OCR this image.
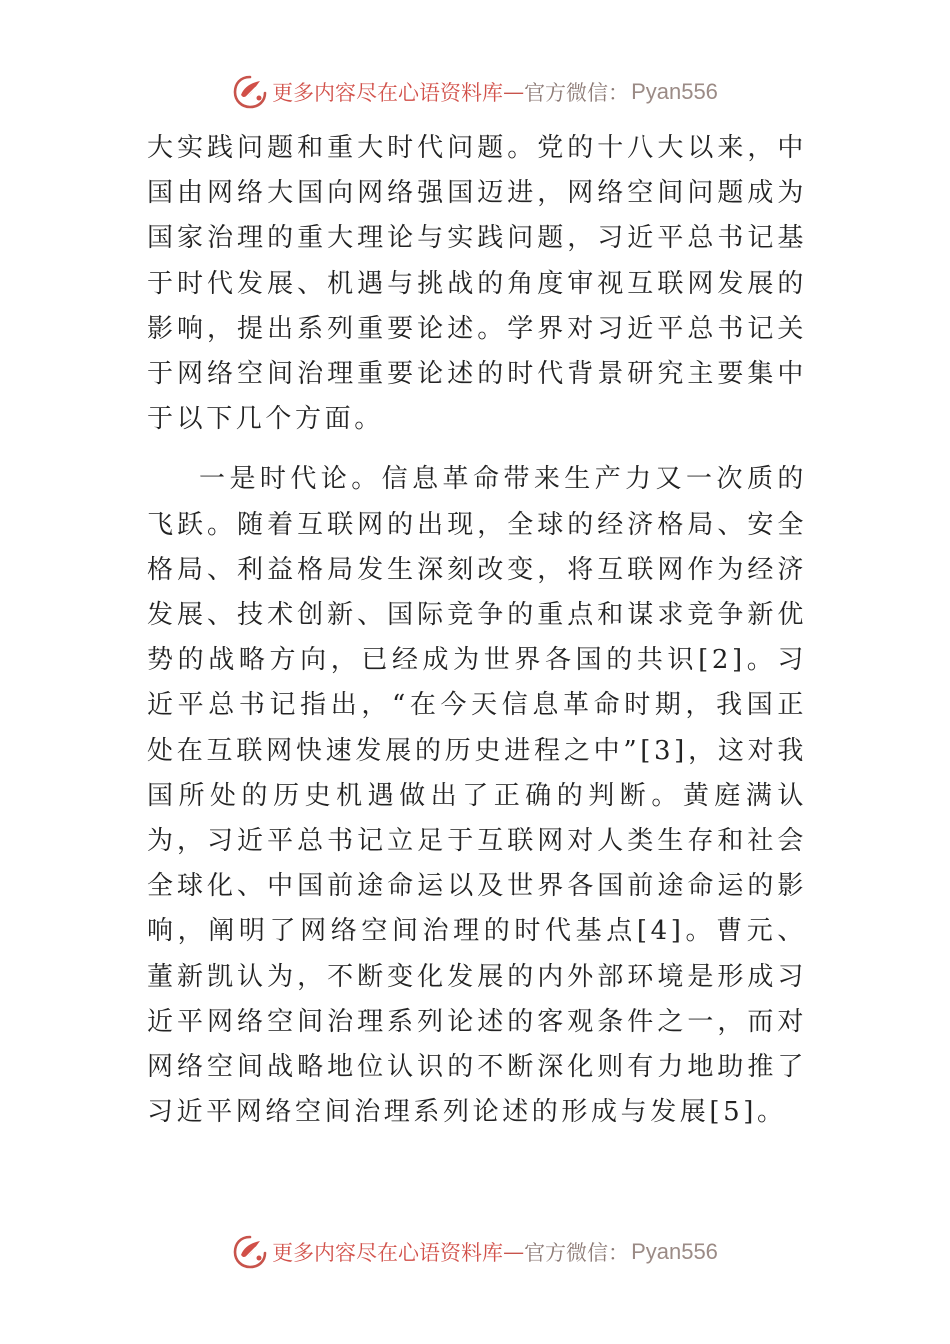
更多内容尽在心语资料库 — 官方微信： Pyan556

大实践问题和重大时代问题。党的十八大以来，中国由网络大国向网络强国迈进，网络空间问题成为国家治理的重大理论与实践问题，习近平总书记基于时代发展、机遇与挑战的角度审视互联网发展的影响，提出系列重要论述。学界对习近平总书记关于网络空间治理重要论述的时代背景研究主要集中于以下几个方面。

一是时代论。信息革命带来生产力又一次质的飞跃。随着互联网的出现，全球的经济格局、安全格局、利益格局发生深刻改变，将互联网作为经济发展、技术创新、国际竞争的重点和谋求竞争新优势的战略方向，已经成为世界各国的共识[2]。习近平总书记指出，“在今天信息革命时期，我国正处在互联网快速发展的历史进程之中”[3]，这对我国所处的历史机遇做出了正确的判断。黄庭满认为，习近平总书记立足于互联网对人类生存和社会全球化、中国前途命运以及世界各国前途命运的影响，阐明了网络空间治理的时代基点[4]。曹元、董新凯认为，不断变化发展的内外部环境是形成习近平网络空间治理系列论述的客观条件之一，而对网络空间战略地位认识的不断深化则有力地助推了习近平网络空间治理系列论述的形成与发展[5]。

更多内容尽在心语资料库 — 官方微信： Pyan556
